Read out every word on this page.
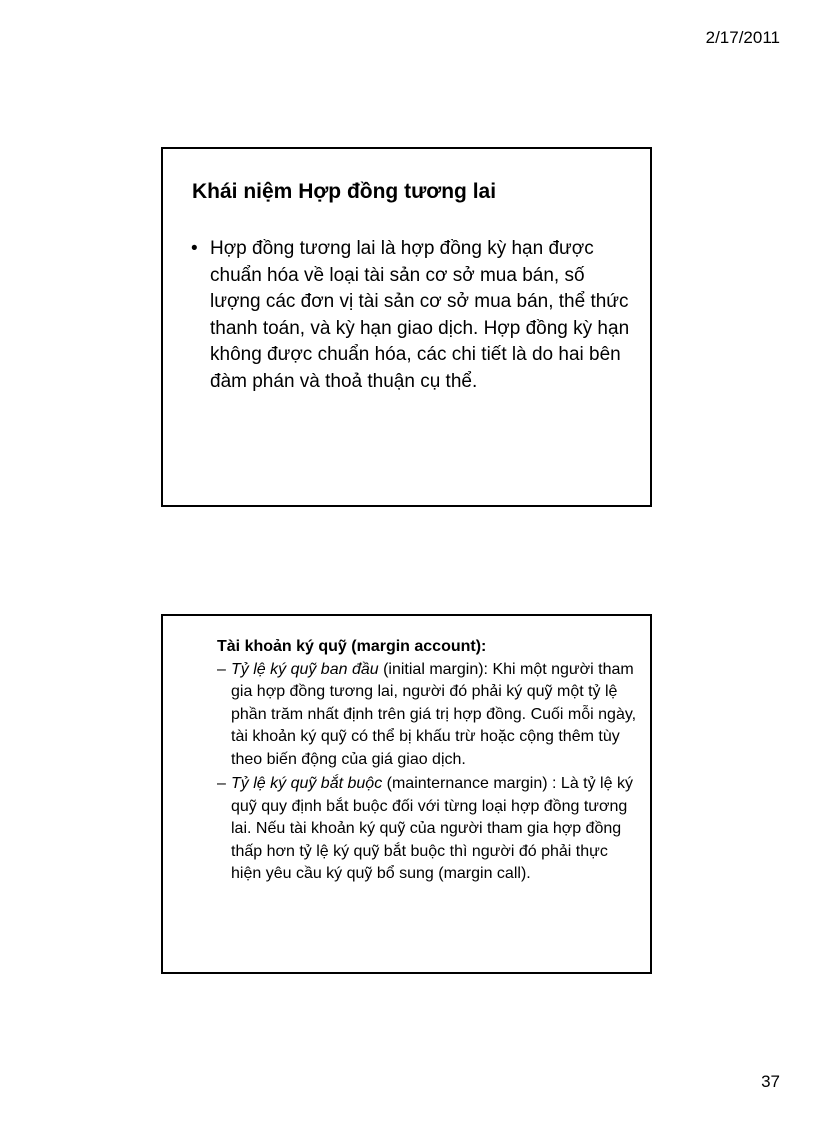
2/17/2011
Khái niệm Hợp đồng tương lai
• Hợp đồng tương lai là hợp đồng kỳ hạn được chuẩn hóa về loại tài sản cơ sở mua bán, số lượng các đơn vị tài sản cơ sở mua bán, thể thức thanh toán, và kỳ hạn giao dịch. Hợp đồng kỳ hạn không được chuẩn hóa, các chi tiết là do hai bên đàm phán và thoả thuận cụ thể.
Tài khoản ký quỹ (margin account):
– Tỷ lệ ký quỹ ban đầu (initial margin): Khi một người tham gia hợp đồng tương lai, người đó phải ký quỹ một tỷ lệ phần trăm nhất định trên giá trị hợp đồng. Cuối mỗi ngày, tài khoản ký quỹ có thể bị khấu trừ hoặc cộng thêm tùy theo biến động của giá giao dịch.
– Tỷ lệ ký quỹ bắt buộc (mainternance margin) : Là tỷ lệ ký quỹ quy định bắt buộc đối với từng loại hợp đồng tương lai. Nếu tài khoản ký quỹ của người tham gia hợp đồng thấp hơn tỷ lệ ký quỹ bắt buộc thì người đó phải thực hiện yêu cầu ký quỹ bổ sung (margin call).
37
